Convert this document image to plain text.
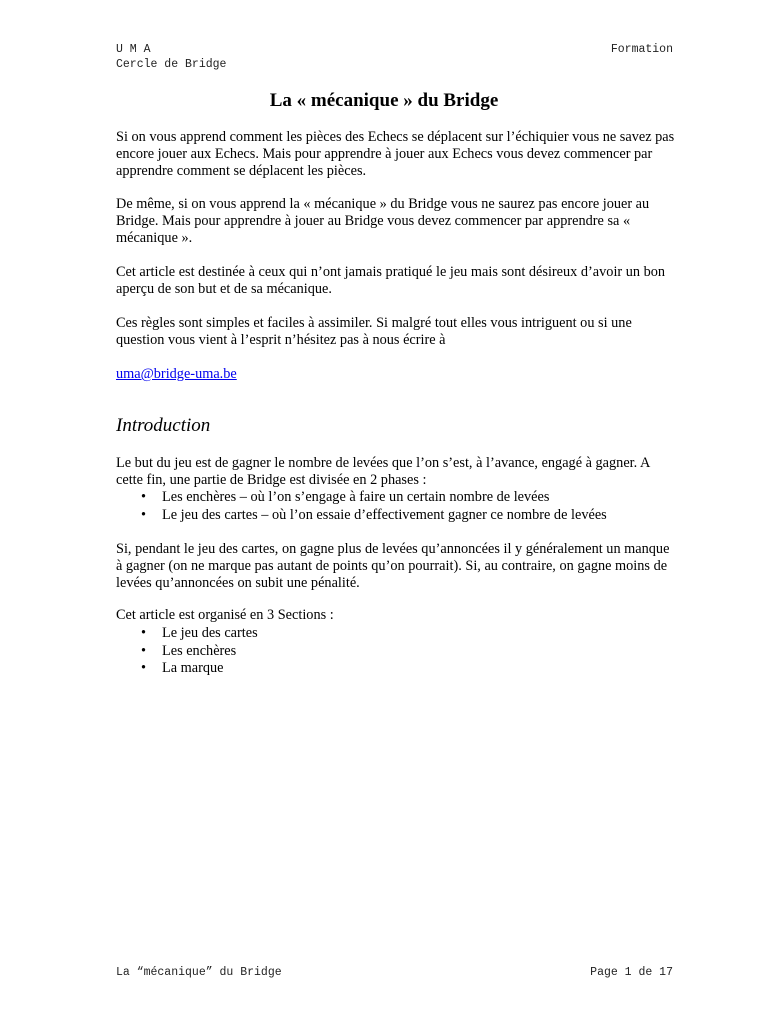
U M A
Cercle de Bridge
Formation
La « mécanique » du Bridge

Si on vous apprend comment les pièces des Echecs se déplacent sur l’échiquier vous ne savez pas encore jouer aux Echecs. Mais pour apprendre à jouer aux Echecs vous devez commencer par apprendre comment se déplacent les pièces.

De même, si on vous apprend la « mécanique » du Bridge vous ne saurez pas encore jouer au Bridge. Mais pour apprendre à jouer au Bridge vous devez commencer par apprendre sa « mécanique ».

Cet article est destinée à ceux qui n’ont jamais pratiqué le jeu mais sont désireux d’avoir un bon aperçu de son but et de sa mécanique.

Ces règles sont simples et faciles à assimiler. Si malgré tout elles vous intriguent ou si une question vous vient à l’esprit n’hésitez pas à nous écrire à

uma@bridge-uma.be
Introduction

Le but du jeu est de gagner le nombre de levées que l’on s’est, à l’avance, engagé à gagner. A cette fin, une partie de Bridge est divisée en 2 phases :

• Les enchères – où l’on s’engage à faire un certain nombre de levées
• Le jeu des cartes – où l’on essaie d’effectivement gagner ce nombre de levées

Si, pendant le jeu des cartes, on gagne plus de levées qu’annoncées il y généralement un manque à gagner (on ne marque pas autant de points qu’on pourrait). Si, au contraire, on gagne moins de levées qu’annoncées on subit une pénalité.

Cet article est organisé en 3 Sections :

• Le jeu des cartes
• Les enchères
• La marque
La “mécanique” du Bridge	Page 1 de 17
